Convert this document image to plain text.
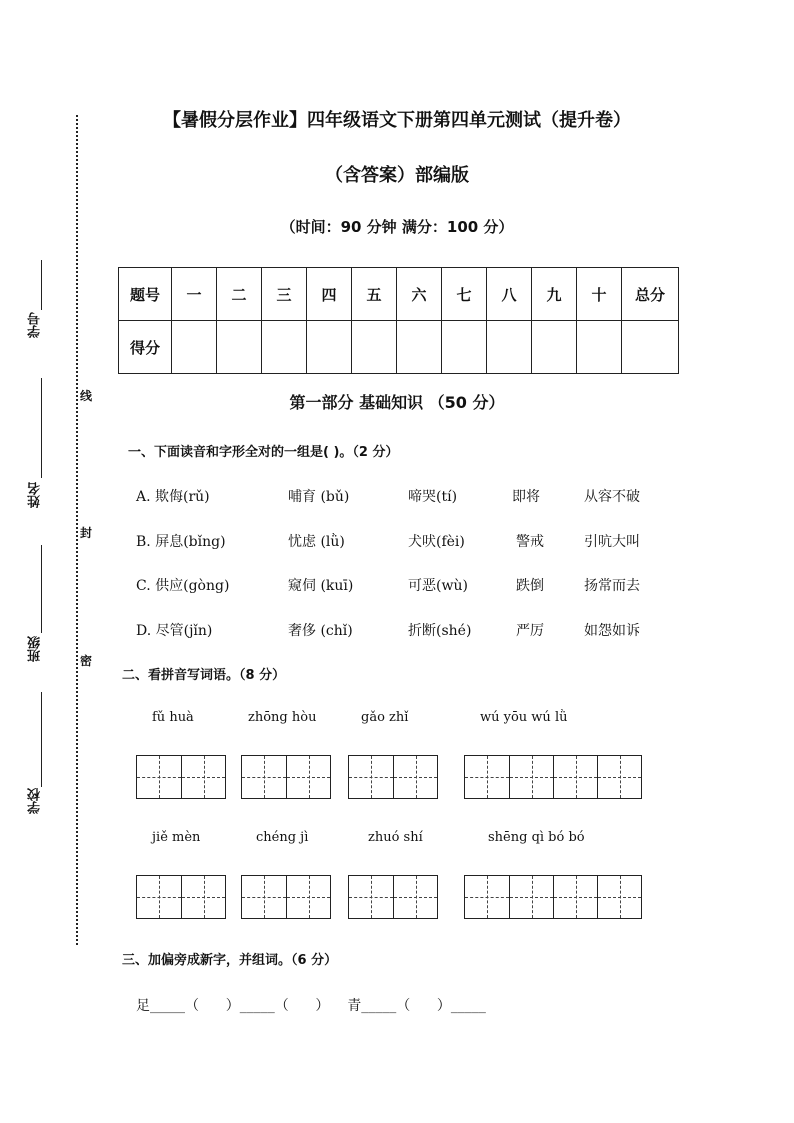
线
封
密
学号
姓名
班级
学校
【暑假分层作业】四年级语文下册第四单元测试（提升卷）
（含答案）部编版
（时间：90 分钟 满分：100 分）
题号	一	二	三	四	五	六	七	八	九	十	总分
得分											
第一部分 基础知识 （50 分）
一、下面读音和字形全对的一组是( )。（2 分）
A. 欺侮(rǔ)	哺育 (bǔ)	啼哭(tí)	即将	从容不破
B. 屏息(bǐng)	忧虑 (lǜ)	犬吠(fèi)	警戒	引吭大叫
C. 供应(gòng)	窥伺 (kuī)	可恶(wù)	跌倒	扬常而去
D. 尽管(jǐn)	奢侈 (chǐ)	折断(shé)	严厉	如怨如诉
二、看拼音写词语。（8 分）
fǔ huà	zhōng hòu	gǎo zhǐ	wú yōu wú lǜ
jiě mèn	chéng jì	zhuó shí	shēng qì bó bó
三、加偏旁成新字，并组词。（6 分）
足_____（      ）_____（      ）    青_____（      ）_____
